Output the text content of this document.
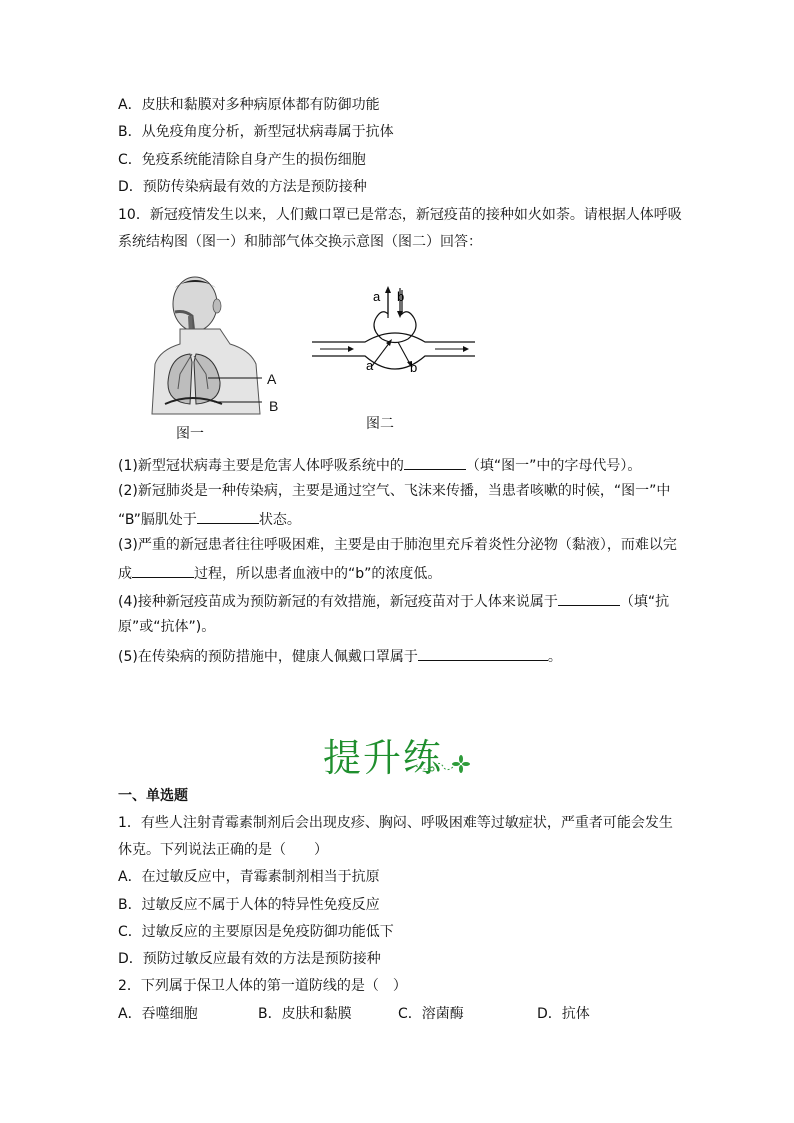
A．皮肤和黏膜对多种病原体都有防御功能
B．从免疫角度分析，新型冠状病毒属于抗体
C．免疫系统能清除自身产生的损伤细胞
D．预防传染病最有效的方法是预防接种
10．新冠疫情发生以来，人们戴口罩已是常态，新冠疫苗的接种如火如荼。请根据人体呼吸
系统结构图（图一）和肺部气体交换示意图（图二）回答：
A
B
图一
a b
a	b
图二
(1)新型冠状病毒主要是危害人体呼吸系统中的	（填“图一”中的字母代号）。
(2)新冠肺炎是一种传染病，主要是通过空气、飞沫来传播，当患者咳嗽的时候，“图一”中
“B”膈肌处于	状态。
(3)严重的新冠患者往往呼吸困难，主要是由于肺泡里充斥着炎性分泌物（黏液），而难以完
成	过程，所以患者血液中的“b”的浓度低。
(4)接种新冠疫苗成为预防新冠的有效措施，新冠疫苗对于人体来说属于	（填“抗
原”或“抗体”)。
(5)在传染病的预防措施中，健康人佩戴口罩属于	。
提升练
一、单选题
1．有些人注射青霉素制剂后会出现皮疹、胸闷、呼吸困难等过敏症状，严重者可能会发生
休克。下列说法正确的是（　　）
A．在过敏反应中，青霉素制剂相当于抗原
B．过敏反应不属于人体的特异性免疫反应
C．过敏反应的主要原因是免疫防御功能低下
D．预防过敏反应最有效的方法是预防接种
2．下列属于保卫人体的第一道防线的是（　）
A．吞噬细胞	B．皮肤和黏膜	C．溶菌酶	D．抗体
